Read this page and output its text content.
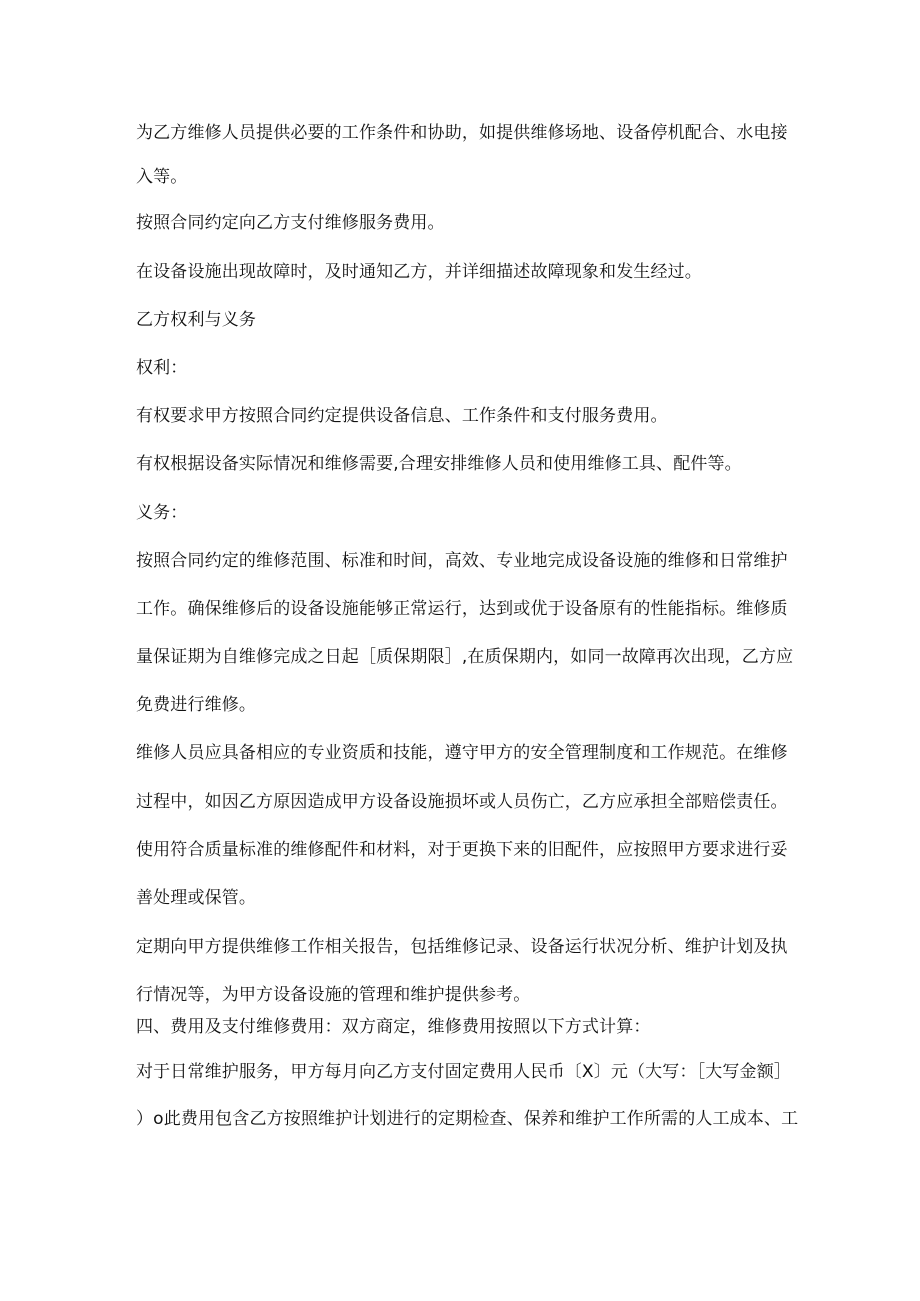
为乙方维修人员提供必要的工作条件和协助，如提供维修场地、设备停机配合、水电接
入等。
按照合同约定向乙方支付维修服务费用。
在设备设施出现故障时，及时通知乙方，并详细描述故障现象和发生经过。
乙方权利与义务
权利：
有权要求甲方按照合同约定提供设备信息、工作条件和支付服务费用。
有权根据设备实际情况和维修需要,合理安排维修人员和使用维修工具、配件等。
义务：
按照合同约定的维修范围、标准和时间，高效、专业地完成设备设施的维修和日常维护
工作。确保维修后的设备设施能够正常运行，达到或优于设备原有的性能指标。维修质
量保证期为自维修完成之日起［质保期限］,在质保期内，如同一故障再次出现，乙方应
免费进行维修。
维修人员应具备相应的专业资质和技能，遵守甲方的安全管理制度和工作规范。在维修
过程中，如因乙方原因造成甲方设备设施损坏或人员伤亡，乙方应承担全部赔偿责任。
使用符合质量标准的维修配件和材料，对于更换下来的旧配件，应按照甲方要求进行妥
善处理或保管。
定期向甲方提供维修工作相关报告，包括维修记录、设备运行状况分析、维护计划及执
行情况等，为甲方设备设施的管理和维护提供参考。
四、费用及支付维修费用：双方商定，维修费用按照以下方式计算：
对于日常维护服务，甲方每月向乙方支付固定费用人民币〔X〕元（大写：［大写金额］
）o此费用包含乙方按照维护计划进行的定期检查、保养和维护工作所需的人工成本、工
